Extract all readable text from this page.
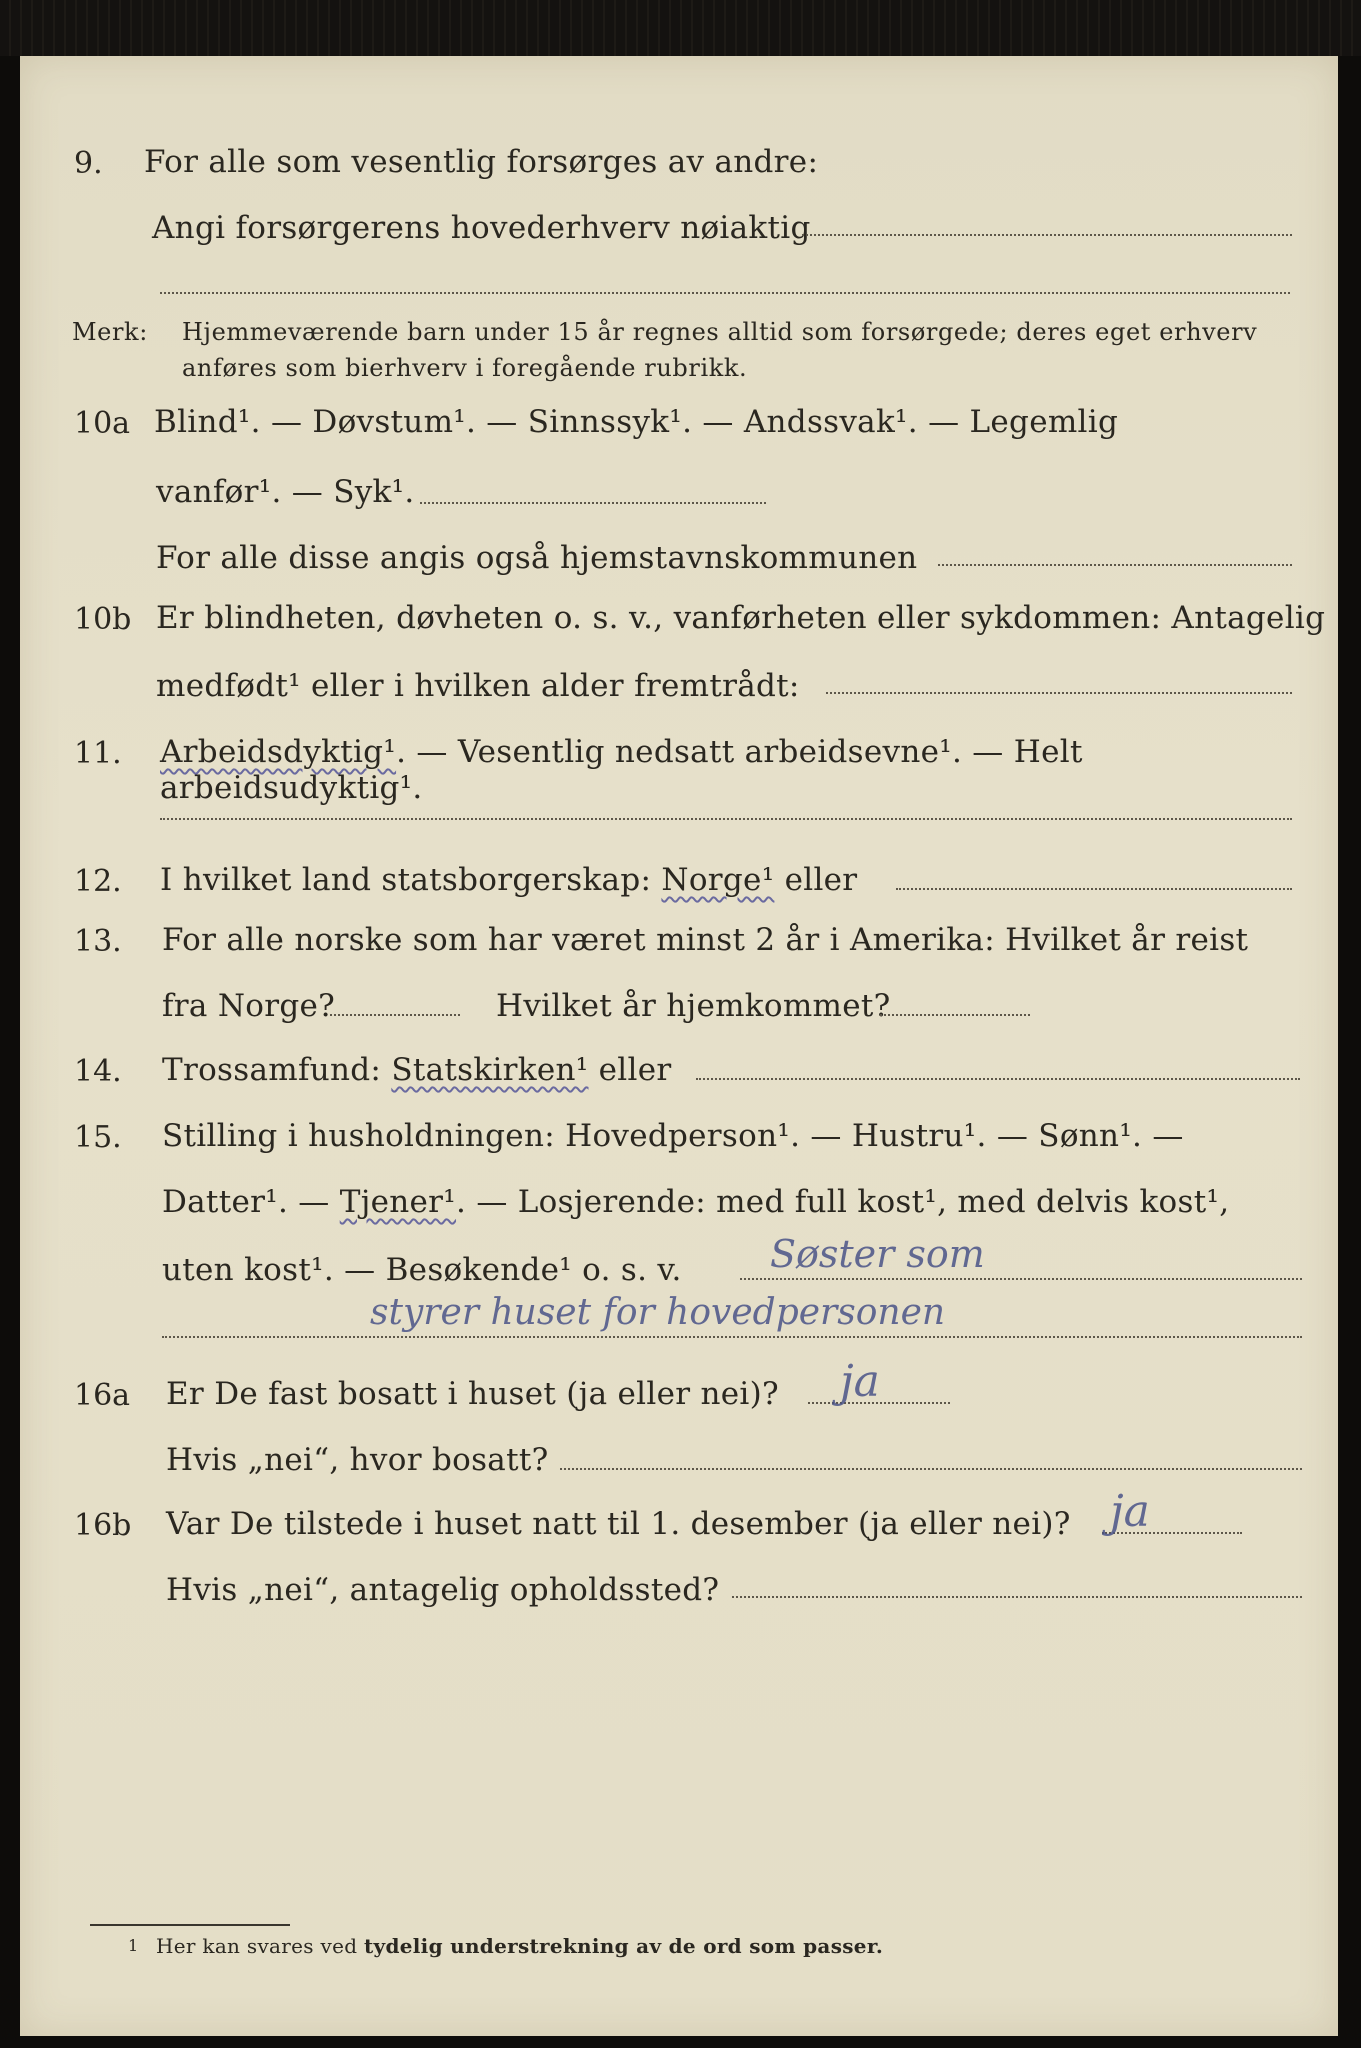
9. For alle som vesentlig forsørges av andre:
Angi forsørgerens hovederhverv nøiaktig
Merk: Hjemmeværende barn under 15 år regnes alltid som forsørgede; deres eget erhverv
anføres som bierhverv i foregående rubrikk.
10a Blind¹. — Døvstum¹. — Sinnssyk¹. — Andssvak¹. — Legemlig
vanfør¹. — Syk¹.
For alle disse angis også hjemstavnskommunen
10b Er blindheten, døvheten o. s. v., vanførheten eller sykdommen: Antagelig
medfødt¹ eller i hvilken alder fremtrådt:
11. Arbeidsdyktig¹. — Vesentlig nedsatt arbeidsevne¹. — Helt arbeidsudyktig¹.
12. I hvilket land statsborgerskap: Norge¹ eller
13. For alle norske som har været minst 2 år i Amerika: Hvilket år reist
fra Norge?	Hvilket år hjemkommet?
14. Trossamfund: Statskirken¹ eller
15. Stilling i husholdningen: Hovedperson¹. — Hustru¹. — Sønn¹. —
Datter¹. — Tjener¹. — Losjerende: med full kost¹, med delvis kost¹,
uten kost¹. — Besøkende¹ o. s. v. Søster som
styrer huset for hovedpersonen
16a Er De fast bosatt i huset (ja eller nei)? ja
Hvis „nei“, hvor bosatt?
16b Var De tilstede i huset natt til 1. desember (ja eller nei)? ja
Hvis „nei“, antagelig opholdssted?
1 Her kan svares ved tydelig understrekning av de ord som passer.
